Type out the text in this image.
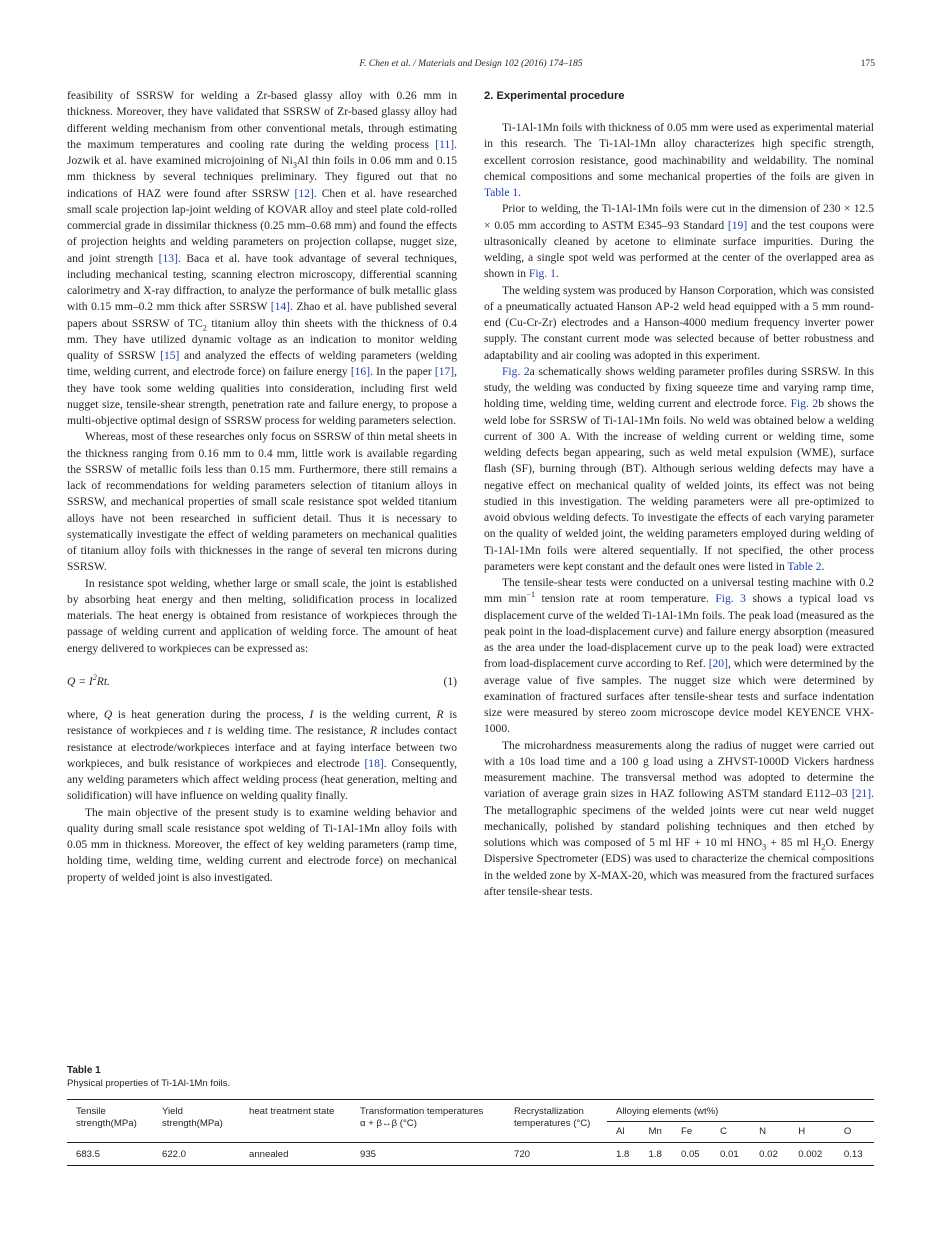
F. Chen et al. / Materials and Design 102 (2016) 174–185	175

feasibility of SSRSW for welding a Zr-based glassy alloy with 0.26 mm in thickness. Moreover, they have validated that SSRSW of Zr-based glassy alloy had different welding mechanism from other conventional metals, through estimating the maximum temperatures and cooling rate during the welding process [11]. Jozwik et al. have examined microjoining of $Ni_3Al$ thin foils in 0.06 mm and 0.15 mm thickness by several techniques preliminary. They figured out that no indications of HAZ were found after SSRSW [12]. Chen et al. have researched small scale projection lap-joint welding of KOVAR alloy and steel plate cold-rolled commercial grade in dissimilar thickness (0.25 mm–0.68 mm) and found the effects of projection heights and welding parameters on projection collapse, nugget size, and joint strength [13]. Baca et al. have took advantage of several techniques, including mechanical testing, scanning electron microscopy, differential scanning calorimetry and X-ray diffraction, to analyze the performance of bulk metallic glass with 0.15 mm–0.2 mm thick after SSRSW [14]. Zhao et al. have published several papers about SSRSW of $TC_2$ titanium alloy thin sheets with the thickness of 0.4 mm. They have utilized dynamic voltage as an indication to monitor welding quality of SSRSW [15] and analyzed the effects of welding parameters (welding time, welding current, and electrode force) on failure energy [16]. In the paper [17], they have took some welding qualities into consideration, including first weld nugget size, tensile-shear strength, penetration rate and failure energy, to propose a multi-objective optimal design of SSRSW process for welding parameters selection.

Whereas, most of these researches only focus on SSRSW of thin metal sheets in the thickness ranging from 0.16 mm to 0.4 mm, little work is available regarding the SSRSW of metallic foils less than 0.15 mm. Furthermore, there still remains a lack of recommendations for welding parameters selection of titanium alloys in SSRSW, and mechanical properties of small scale resistance spot welded titanium alloys have not been researched in sufficient detail. Thus it is necessary to systematically investigate the effect of welding parameters on mechanical qualities of titanium alloy foils with thicknesses in the range of several ten microns during SSRSW.

In resistance spot welding, whether large or small scale, the joint is established by absorbing heat energy and then melting, solidification process in localized materials. The heat energy is obtained from resistance of workpieces through the passage of welding current and application of welding force. The amount of heat energy delivered to workpieces can be expressed as:

$Q = I^2Rt$.	(1)

where, Q is heat generation during the process, I is the welding current, R is resistance of workpieces and t is welding time. The resistance, R includes contact resistance at electrode/workpieces interface and at faying interface between two workpieces, and bulk resistance of workpieces and electrode [18]. Consequently, any welding parameters which affect welding process (heat generation, melting and solidification) will have influence on welding quality finally.

The main objective of the present study is to examine welding behavior and quality during small scale resistance spot welding of Ti-1Al-1Mn alloy foils with 0.05 mm in thickness. Moreover, the effect of key welding parameters (ramp time, holding time, welding time, welding current and electrode force) on mechanical property of welded joint is also investigated.

2. Experimental procedure

Ti-1Al-1Mn foils with thickness of 0.05 mm were used as experimental material in this research. The Ti-1Al-1Mn alloy characterizes high specific strength, excellent corrosion resistance, good machinability and weldability. The nominal chemical compositions and some mechanical properties of the foils are given in Table 1.

Prior to welding, the Ti-1Al-1Mn foils were cut in the dimension of 230 × 12.5 × 0.05 mm according to ASTM E345–93 Standard [19] and the test coupons were ultrasonically cleaned by acetone to eliminate surface impurities. During the welding, a single spot weld was performed at the center of the overlapped area as shown in Fig. 1.

The welding system was produced by Hanson Corporation, which was consisted of a pneumatically actuated Hanson AP-2 weld head equipped with a 5 mm round-end (Cu-Cr-Zr) electrodes and a Hanson-4000 medium frequency inverter power supply. The constant current mode was selected because of better robustness and adaptability and air cooling was adopted in this experiment.

Fig. 2a schematically shows welding parameter profiles during SSRSW. In this study, the welding was conducted by fixing squeeze time and varying ramp time, holding time, welding time, welding current and electrode force. Fig. 2b shows the weld lobe for SSRSW of Ti-1Al-1Mn foils. No weld was obtained below a welding current of 300 A. With the increase of welding current or welding time, some welding defects began appearing, such as weld metal expulsion (WME), surface flash (SF), burning through (BT). Although serious welding defects may have a negative effect on mechanical quality of welded joints, its effect was not being studied in this investigation. The welding parameters were all pre-optimized to avoid obvious welding defects. To investigate the effects of each varying parameter on the quality of welded joint, the welding parameters employed during welding of Ti-1Al-1Mn foils were altered sequentially. If not specified, the other process parameters were kept constant and the default ones were listed in Table 2.

The tensile-shear tests were conducted on a universal testing machine with 0.2 mm $\min^{-1}$ tension rate at room temperature. Fig. 3 shows a typical load vs displacement curve of the welded Ti-1Al-1Mn foils. The peak load (measured as the peak point in the load-displacement curve) and failure energy absorption (measured as the area under the load-displacement curve up to the peak load) were extracted from load-displacement curve according to Ref. [20], which were determined by the average value of five samples. The nugget size which were determined by examination of fractured surfaces after tensile-shear tests and surface indentation size were measured by stereo zoom microscope device model KEYENCE VHX-1000.

The microhardness measurements along the radius of nugget were carried out with a 10s load time and a 100 g load using a ZHVST-1000D Vickers hardness measurement machine. The transversal method was adopted to determine the variation of average grain sizes in HAZ following ASTM standard E112–03 [21]. The metallographic specimens of the welded joints were cut near weld nugget mechanically, polished by standard polishing techniques and then etched by solutions which was composed of 5 ml HF + 10 ml $HNO_3 + 85$ ml $H_2O$. Energy Dispersive Spectrometer (EDS) was used to characterize the chemical compositions in the welded zone by X-MAX-20, which was measured from the fractured surfaces after tensile-shear tests.

Table 1
Physical properties of Ti-1Al-1Mn foils.
Tensile
strength(MPa)	Yield
strength(MPa)	heat treatment state	Transformation temperatures
α + β↔β (°C)	Recrystallization
temperatures (°C)	Alloying elements (wt%)						
					Al	Mn	Fe	C	N	H	O
683.5	622.0	annealed	935	720	1.8	1.8	0.05	0.01	0.02	0.002	0.13
